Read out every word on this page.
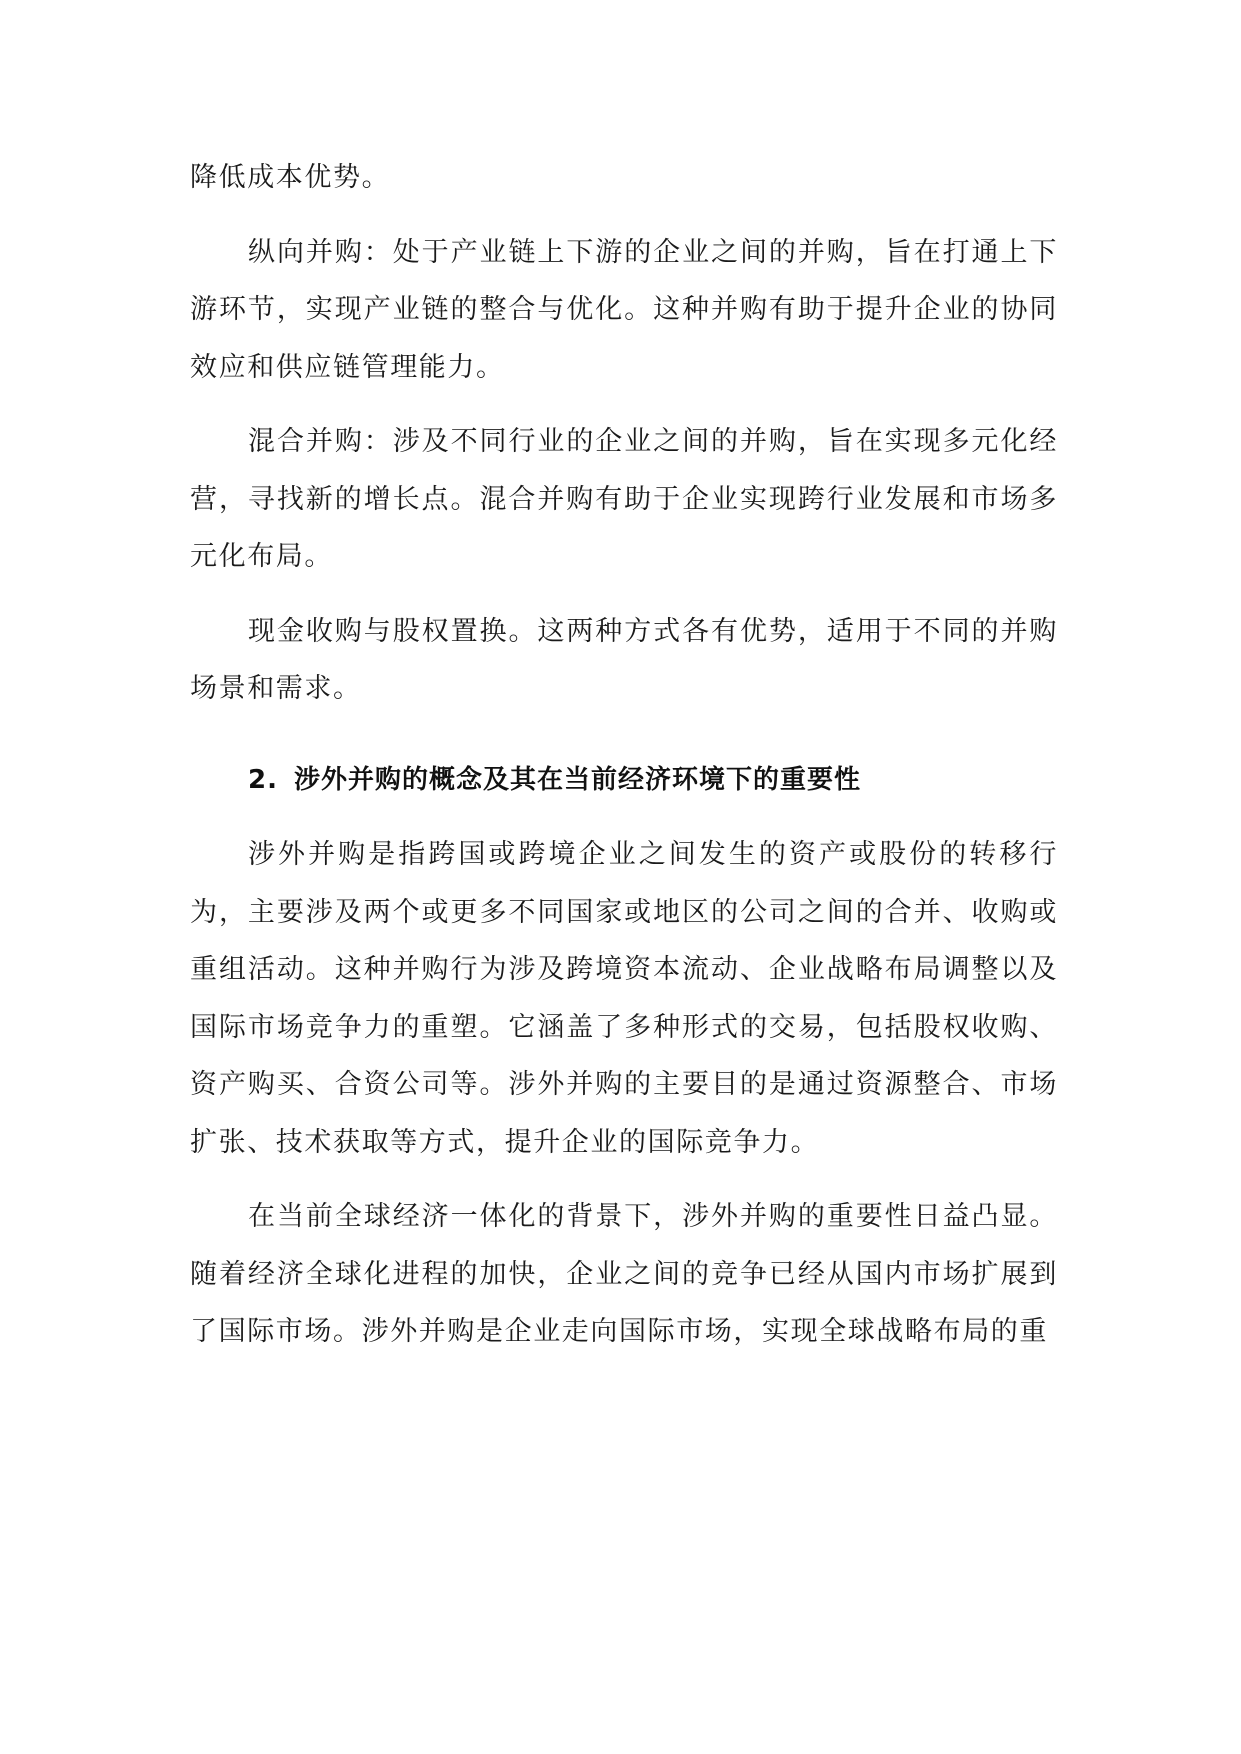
降低成本优势。

纵向并购：处于产业链上下游的企业之间的并购，旨在打通上下游环节，实现产业链的整合与优化。这种并购有助于提升企业的协同效应和供应链管理能力。

混合并购：涉及不同行业的企业之间的并购，旨在实现多元化经营，寻找新的增长点。混合并购有助于企业实现跨行业发展和市场多元化布局。

现金收购与股权置换。这两种方式各有优势，适用于不同的并购场景和需求。

2. 涉外并购的概念及其在当前经济环境下的重要性

涉外并购是指跨国或跨境企业之间发生的资产或股份的转移行为，主要涉及两个或更多不同国家或地区的公司之间的合并、收购或重组活动。这种并购行为涉及跨境资本流动、企业战略布局调整以及国际市场竞争力的重塑。它涵盖了多种形式的交易，包括股权收购、资产购买、合资公司等。涉外并购的主要目的是通过资源整合、市场扩张、技术获取等方式，提升企业的国际竞争力。

在当前全球经济一体化的背景下，涉外并购的重要性日益凸显。随着经济全球化进程的加快，企业之间的竞争已经从国内市场扩展到了国际市场。涉外并购是企业走向国际市场，实现全球战略布局的重
